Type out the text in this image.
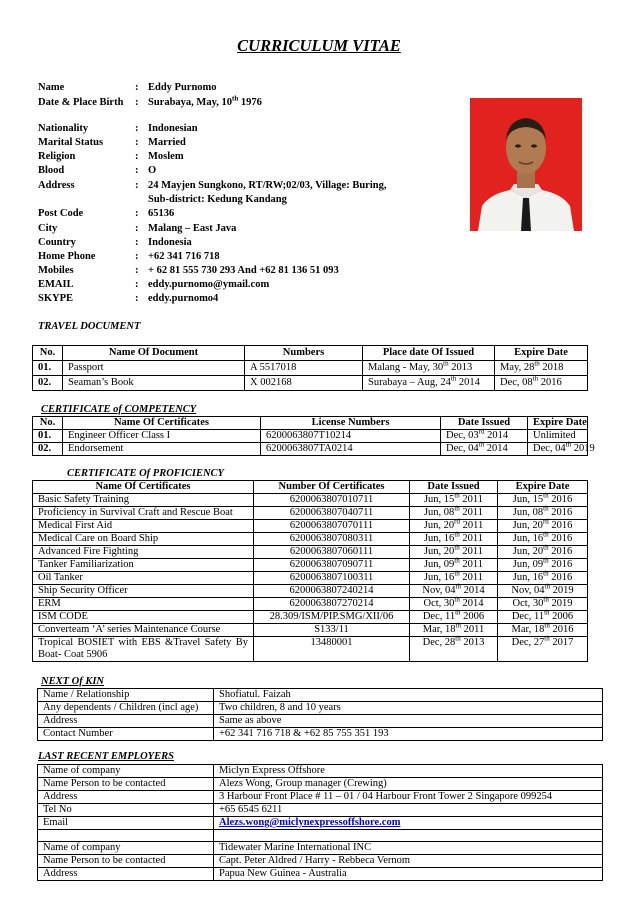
CURRICULUM VITAE
Name	: Eddy Purnomo
Date & Place Birth : Surabaya, May, 10th 1976
Nationality	: Indonesian
Marital Status	: Married
Religion	: Moslem
Blood	: O
Address	: 24 Mayjen Sungkono, RT/RW;02/03, Village: Buring,
Sub-district: Kedung Kandang
Post Code	: 65136
City	: Malang – East Java
Country	: Indonesia
Home Phone	: +62 341 716 718
Mobiles	: + 62 81 555 730 293 And +62 81 136 51 093
EMAIL	: eddy.purnomo@ymail.com
SKYPE	: eddy.purnomo4
TRAVEL DOCUMENT
No.	Name Of Document	Numbers	Place date Of Issued	Expire Date
01.	Passport	A 5517018	Malang - May, 30th 2013	May, 28th 2018
02.	Seaman’s Book	X 002168	Surabaya – Aug, 24th 2014	Dec, 08th 2016
CERTIFICATE of COMPETENCY
No.	Name Of Certificates	License Numbers	Date Issued	Expire Date
01.	Engineer Officer Class I	6200063807T10214	Dec, 03rd 2014	Unlimited
02.	Endorsement	6200063807TA0214	Dec, 04th 2014	Dec, 04th 2019
CERTIFICATE Of PROFICIENCY
Name Of Certificates	Number Of Certificates	Date Issued	Expire Date
Basic Safety Training	6200063807010711	Jun, 15th 2011	Jun, 15th 2016
Proficiency in Survival Craft and Rescue Boat	6200063807040711	Jun, 08th 2011	Jun, 08th 2016
Medical First Aid	6200063807070111	Jun, 20rd 2011	Jun, 20rd 2016
Medical Care on Board Ship	6200063807080311	Jun, 16th 2011	Jun, 16th 2016
Advanced Fire Fighting	6200063807060111	Jun, 20th 2011	Jun, 20th 2016
Tanker Familiarization	6200063807090711	Jun, 09th 2011	Jun, 09th 2016
Oil Tanker	6200063807100311	Jun, 16th 2011	Jun, 16th 2016
Ship Security Officer	6200063807240214	Nov, 04th 2014	Nov, 04th 2019
ERM	6200063807270214	Oct, 30th 2014	Oct, 30th 2019
ISM CODE	28.309/ISM/PIP.SMG/XII/06	Dec, 11th 2006	Dec, 11th 2006
Converteam ‘A’ series Maintenance Course	S133/11	Mar, 18th 2011	Mar, 18th 2016
Tropical BOSIET with EBS &Travel Safety By Boat- Coat 5906	13480001	Dec, 28th 2013	Dec, 27th 2017
NEXT Of KIN
Name / Relationship	Shofiatul. Faizah
Any dependents / Children (incl age)	Two children, 8 and 10 years
Address	Same as above
Contact Number	+62 341 716 718 & +62 85 755 351 193
LAST RECENT EMPLOYERS
Name of company	Miclyn Express Offshore
Name Person to be contacted	Alezs Wong, Group manager (Crewing)
Address	3 Harbour Front Place # 11 – 01 / 04 Harbour Front Tower 2 Singapore 099254
Tel No	+65 6545 6211
Email	Alezs.wong@miclynexpressoffshore.com

Name of company	Tidewater Marine International INC
Name Person to be contacted	Capt. Peter Aldred / Harry - Rebbeca Vernom
Address	Papua New Guinea - Australia
